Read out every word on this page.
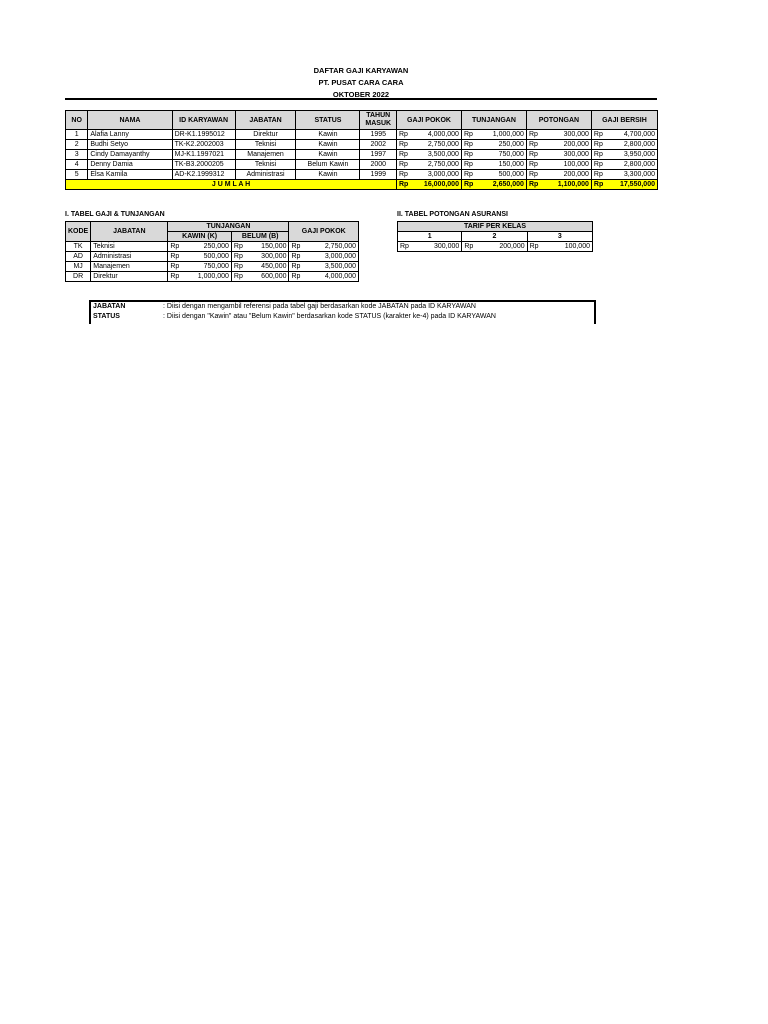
DAFTAR GAJI KARYAWAN
PT. PUSAT CARA CARA
OKTOBER 2022
NO	NAMA	ID KARYAWAN	JABATAN	STATUS	TAHUN MASUK	GAJI POKOK		TUNJANGAN		POTONGAN		GAJI BERSIH	
1	Alafia Lanny	DR-K1.1995012	Direktur	Kawin	1995	Rp	4,000,000	Rp	1,000,000	Rp	300,000	Rp	4,700,000
2	Budhi Setyo	TK-K2.2002003	Teknisi	Kawin	2002	Rp	2,750,000	Rp	250,000	Rp	200,000	Rp	2,800,000
3	Cindy Damayanthy	MJ-K1.1997021	Manajemen	Kawin	1997	Rp	3,500,000	Rp	750,000	Rp	300,000	Rp	3,950,000
4	Denny Damia	TK-B3.2000205	Teknisi	Belum Kawin	2000	Rp	2,750,000	Rp	150,000	Rp	100,000	Rp	2,800,000
5	Elsa Kamila	AD-K2.1999312	Administrasi	Kawin	1999	Rp	3,000,000	Rp	500,000	Rp	200,000	Rp	3,300,000
J U M L A H						Rp	16,000,000	Rp	2,650,000	Rp	1,100,000	Rp	17,550,000
I. TABEL GAJI & TUNJANGAN
KODE	JABATAN	TUNJANGAN				GAJI POKOK	
		KAWIN (K)		BELUM (B)			
TK	Teknisi	Rp	250,000	Rp	150,000	Rp	2,750,000
AD	Administrasi	Rp	500,000	Rp	300,000	Rp	3,000,000
MJ	Manajemen	Rp	750,000	Rp	450,000	Rp	3,500,000
DR	Direktur	Rp	1,000,000	Rp	600,000	Rp	4,000,000
II. TABEL POTONGAN ASURANSI
TARIF PER KELAS					
1		2		3	
Rp	300,000	Rp	200,000	Rp	100,000
JABATAN	: Diisi dengan mengambil referensi pada tabel gaji berdasarkan kode JABATAN pada ID KARYAWAN
STATUS	: Diisi dengan "Kawin" atau "Belum Kawin" berdasarkan kode STATUS (karakter ke-4) pada ID KARYAWAN
